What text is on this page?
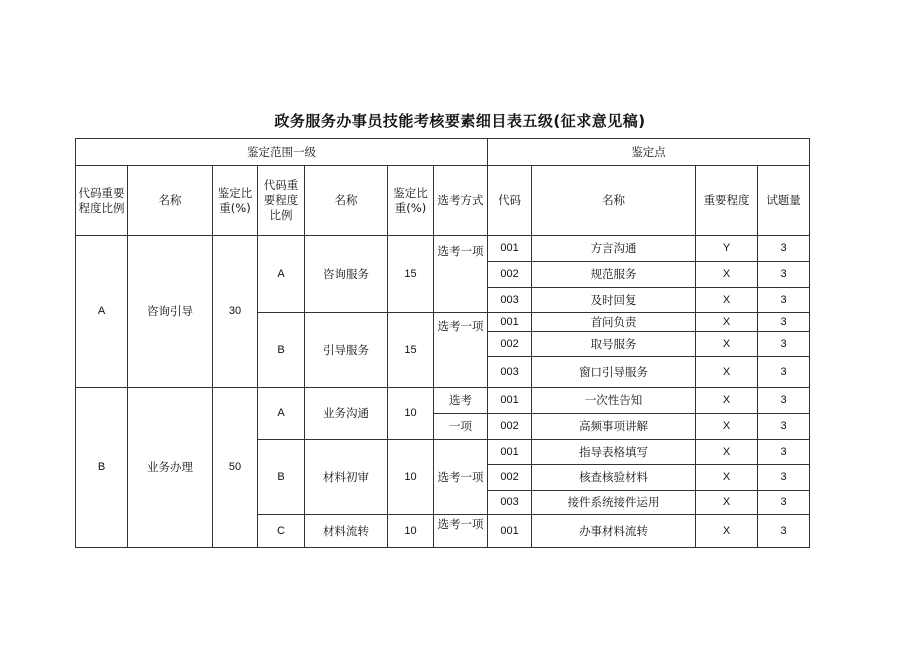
政务服务办事员技能考核要素细目表五级(征求意见稿)
鉴定范围一级							鉴定点			
代码重要程度比例	名称	鉴定比重(%)	代码重要程度比例	名称	鉴定比重(%)	选考方式	代码	名称	重要程度	试题量
A	咨询引导	30	A	咨询服务	15	选考一项	001	方言沟通	Y	3
							002	规范服务	X	3
							003	及时回复	X	3
			B	引导服务	15	选考一项	001	首问负责	X	3
							002	取号服务	X	3
							003	窗口引导服务	X	3
B	业务办理	50	A	业务沟通	10	选考	001	一次性告知	X	3
						一项	002	高频事项讲解	X	3
			B	材料初审	10	选考一项	001	指导表格填写	X	3
							002	核查核验材料	X	3
							003	接件系统接件运用	X	3
			C	材料流转	10	选考一项	001	办事材料流转	X	3
